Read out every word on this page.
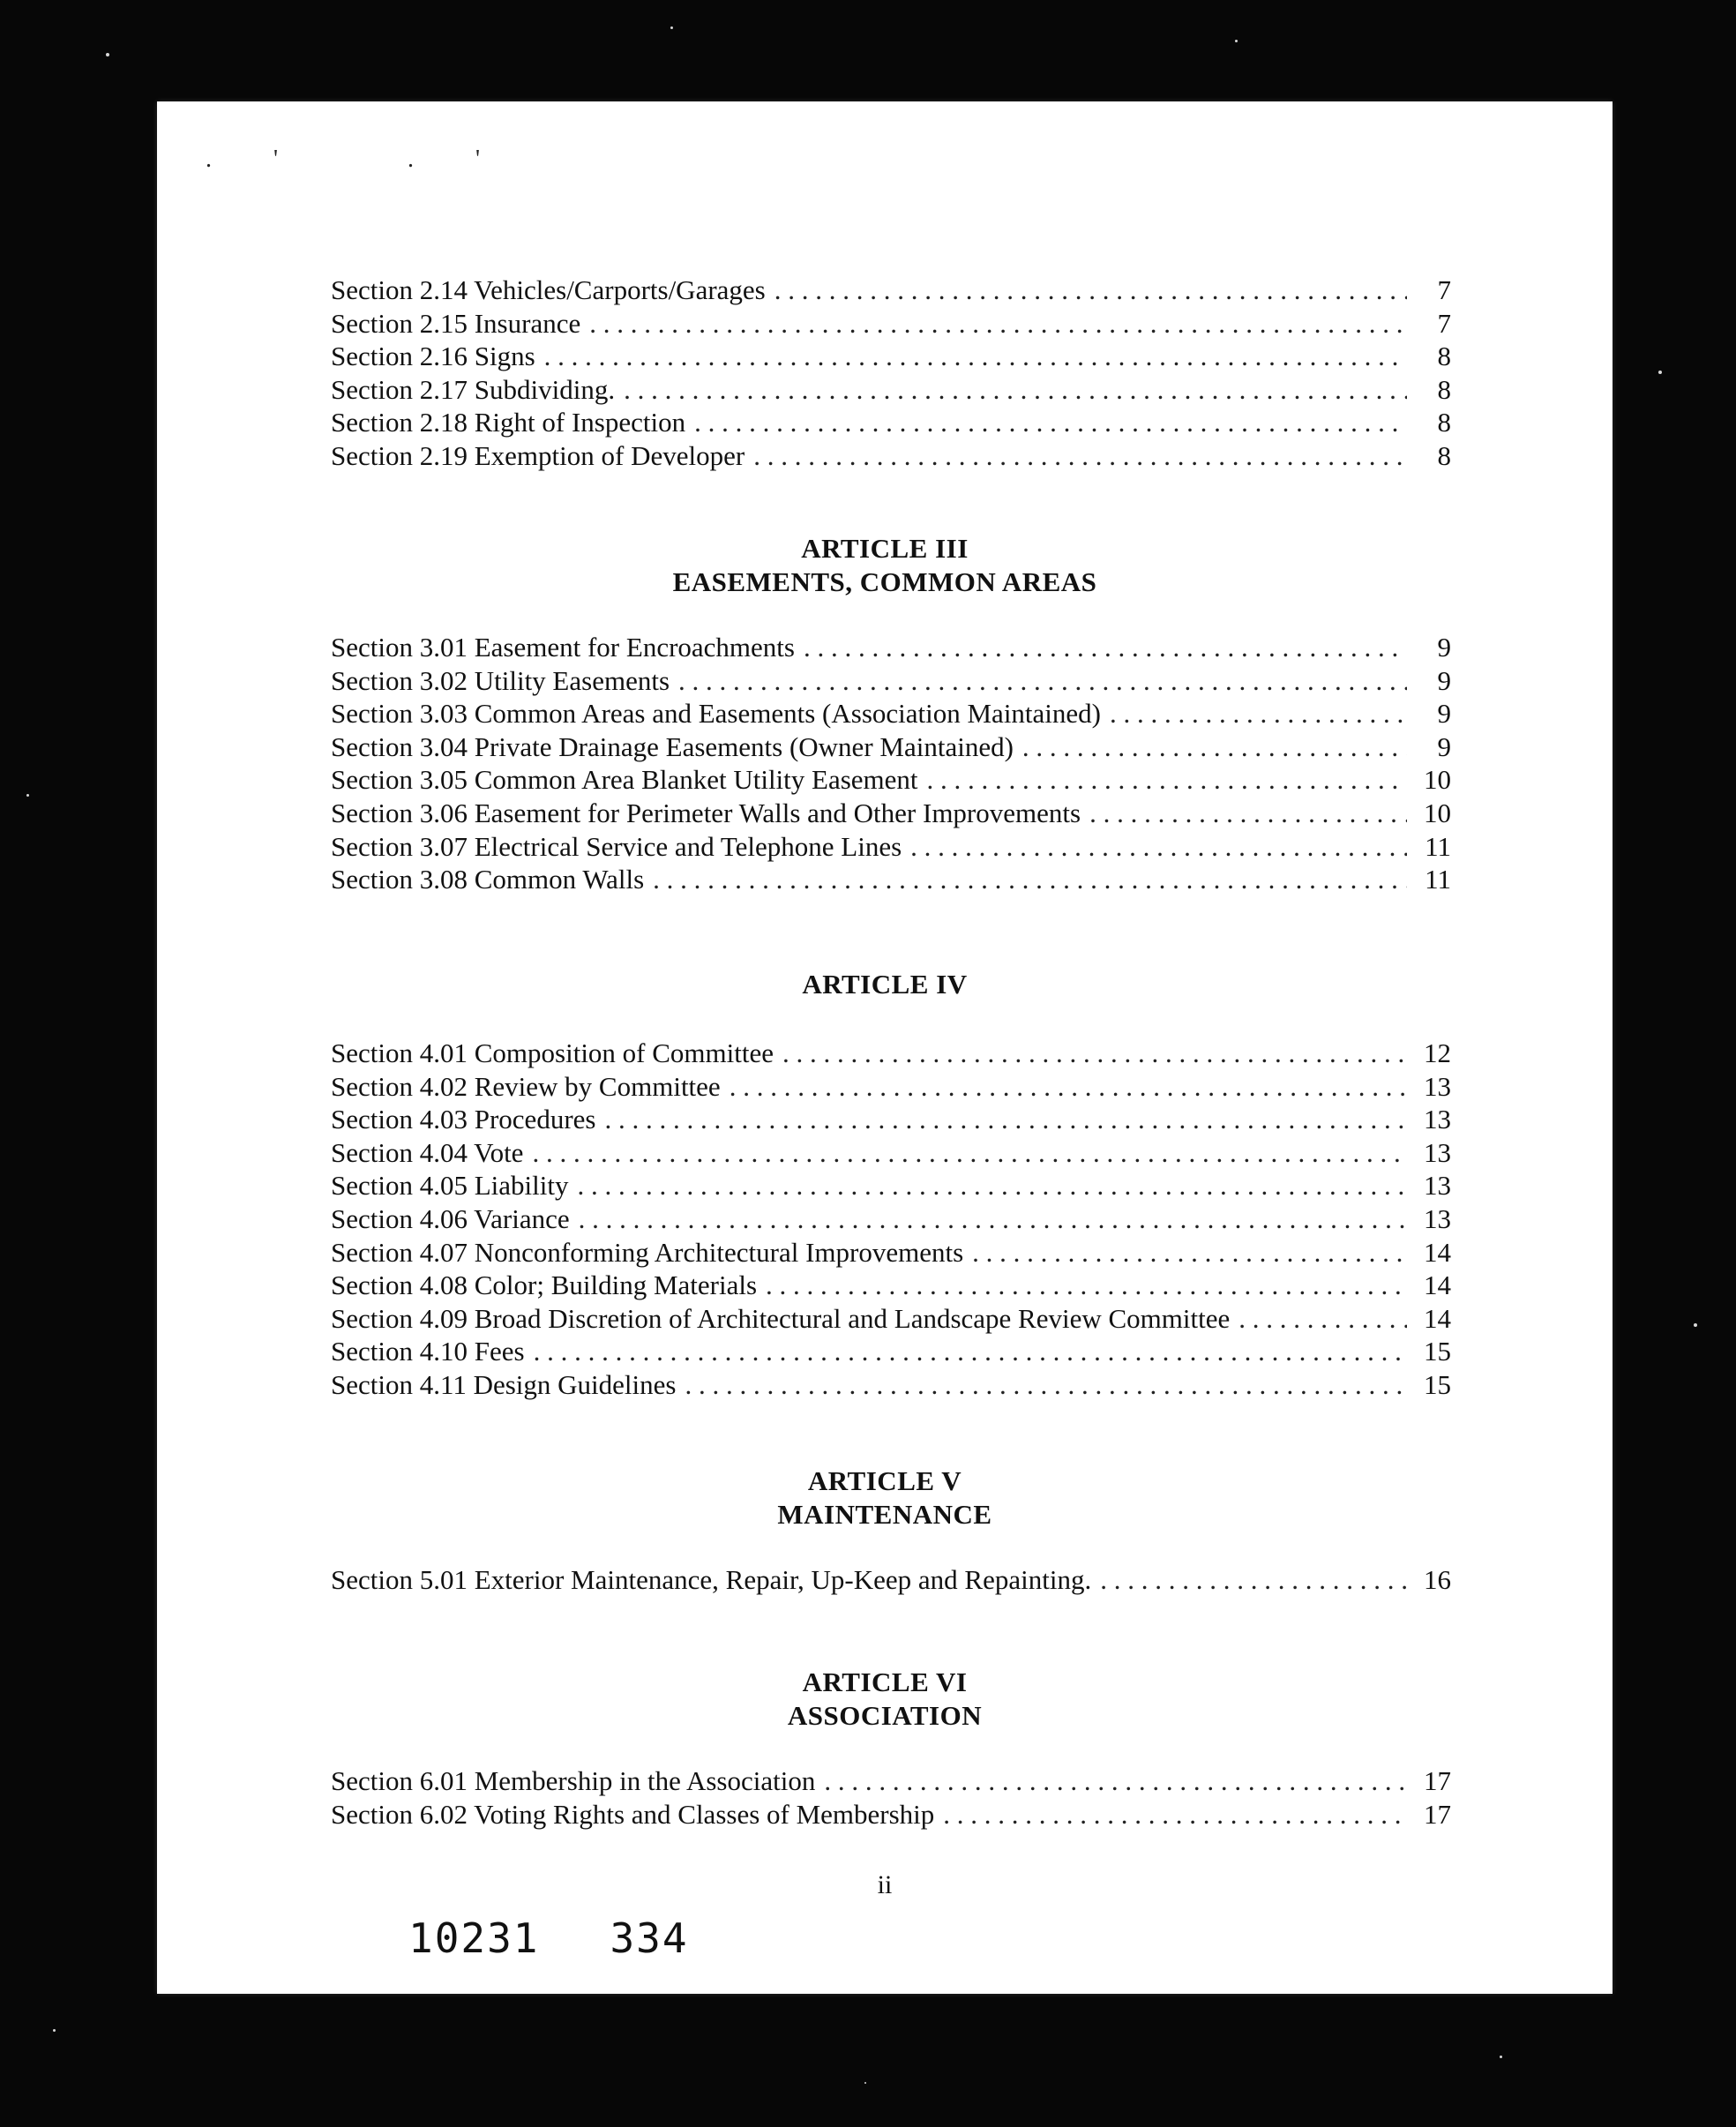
.' .'
Section 2.14 Vehicles/Carports/Garages . . .	7
Section 2.15 Insurance . . .	7
Section 2.16 Signs . . .	8
Section 2.17 Subdividing. . . .	8
Section 2.18 Right of Inspection . . .	8
Section 2.19 Exemption of Developer . . .	8
ARTICLE III
EASEMENTS, COMMON AREAS
Section 3.01 Easement for Encroachments . . .	9
Section 3.02 Utility Easements . . .	9
Section 3.03 Common Areas and Easements (Association Maintained) . . .	9
Section 3.04 Private Drainage Easements (Owner Maintained) . . .	9
Section 3.05 Common Area Blanket Utility Easement . . .	10
Section 3.06 Easement for Perimeter Walls and Other Improvements . . .	10
Section 3.07 Electrical Service and Telephone Lines . . .	11
Section 3.08 Common Walls . . .	11
ARTICLE IV
Section 4.01 Composition of Committee . . .	12
Section 4.02 Review by Committee . . .	13
Section 4.03 Procedures . . .	13
Section 4.04 Vote . . .	13
Section 4.05 Liability . . .	13
Section 4.06 Variance . . .	13
Section 4.07 Nonconforming Architectural Improvements . . .	14
Section 4.08 Color; Building Materials . . .	14
Section 4.09 Broad Discretion of Architectural and Landscape Review Committee . . .	14
Section 4.10 Fees . . .	15
Section 4.11 Design Guidelines . . .	15
ARTICLE V
MAINTENANCE
Section 5.01 Exterior Maintenance, Repair, Up-Keep and Repainting. . . .	16
ARTICLE VI
ASSOCIATION
Section 6.01 Membership in the Association . . .	17
Section 6.02 Voting Rights and Classes of Membership . . .	17
ii
10231 334
